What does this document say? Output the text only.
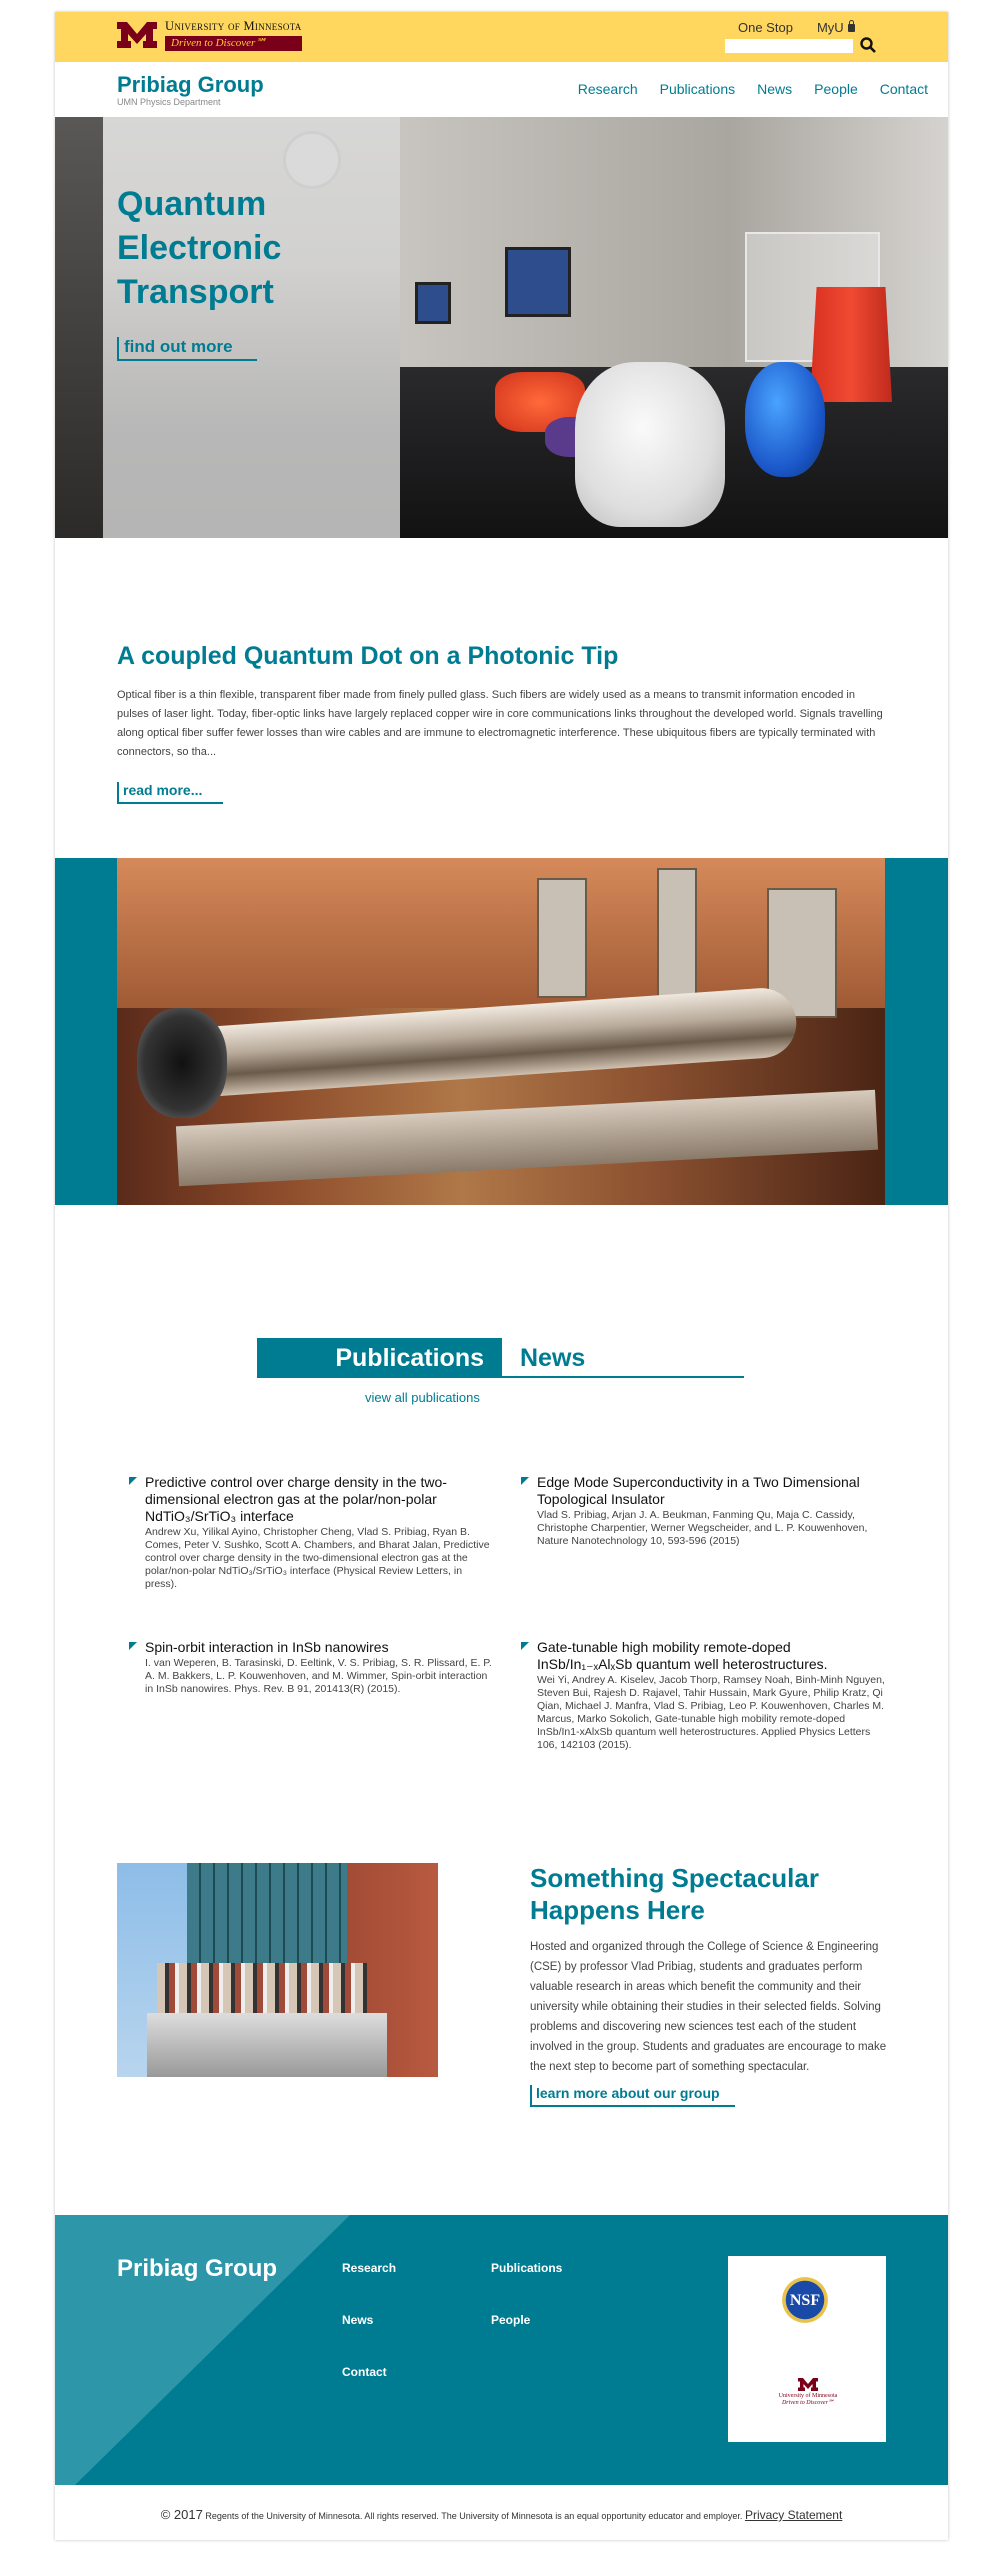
University of Minnesota
Driven to Discover℠
One Stop MyU
Pribiag Group
UMN Physics Department
Research Publications News People Contact
Quantum Electronic Transport
find out more
A coupled Quantum Dot on a Photonic Tip
Optical fiber is a thin flexible, transparent fiber made from finely pulled glass. Such fibers are widely used as a means to transmit information encoded in pulses of laser light. Today, fiber-optic links have largely replaced copper wire in core communications links throughout the developed world. Signals travelling along optical fiber suffer fewer losses than wire cables and are immune to electromagnetic interference. These ubiquitous fibers are typically terminated with connectors, so tha...
read more...
Publications	News
view all publications
Predictive control over charge density in the two-dimensional electron gas at the polar/non-polar NdTiO₃/SrTiO₃ interface
Andrew Xu, Yilikal Ayino, Christopher Cheng, Vlad S. Pribiag, Ryan B. Comes, Peter V. Sushko, Scott A. Chambers, and Bharat Jalan, Predictive control over charge density in the two-dimensional electron gas at the polar/non-polar NdTiO₃/SrTiO₃ interface (Physical Review Letters, in press).
Edge Mode Superconductivity in a Two Dimensional Topological Insulator
Vlad S. Pribiag, Arjan J. A. Beukman, Fanming Qu, Maja C. Cassidy, Christophe Charpentier, Werner Wegscheider, and L. P. Kouwenhoven, Nature Nanotechnology 10, 593-596 (2015)
Spin-orbit interaction in InSb nanowires
I. van Weperen, B. Tarasinski, D. Eeltink, V. S. Pribiag, S. R. Plissard, E. P. A. M. Bakkers, L. P. Kouwenhoven, and M. Wimmer, Spin-orbit interaction in InSb nanowires. Phys. Rev. B 91, 201413(R) (2015).
Gate-tunable high mobility remote-doped InSb/In₁₋ₓAlₓSb quantum well heterostructures.
Wei Yi, Andrey A. Kiselev, Jacob Thorp, Ramsey Noah, Binh-Minh Nguyen, Steven Bui, Rajesh D. Rajavel, Tahir Hussain, Mark Gyure, Philip Kratz, Qi Qian, Michael J. Manfra, Vlad S. Pribiag, Leo P. Kouwenhoven, Charles M. Marcus, Marko Sokolich, Gate-tunable high mobility remote-doped InSb/In1-xAlxSb quantum well heterostructures. Applied Physics Letters 106, 142103 (2015).
Something Spectacular Happens Here
Hosted and organized through the College of Science & Engineering (CSE) by professor Vlad Pribiag, students and graduates perform valuable research in areas which benefit the community and their university while obtaining their studies in their selected fields. Solving problems and discovering new sciences test each of the student involved in the group. Students and graduates are encourage to make the next step to become part of something spectacular.
learn more about our group
Pribiag Group	Research	Publications
News	People
Contact
NSF
University of Minnesota
Driven to Discover℠
© 2017 Regents of the University of Minnesota. All rights reserved. The University of Minnesota is an equal opportunity educator and employer. Privacy Statement
